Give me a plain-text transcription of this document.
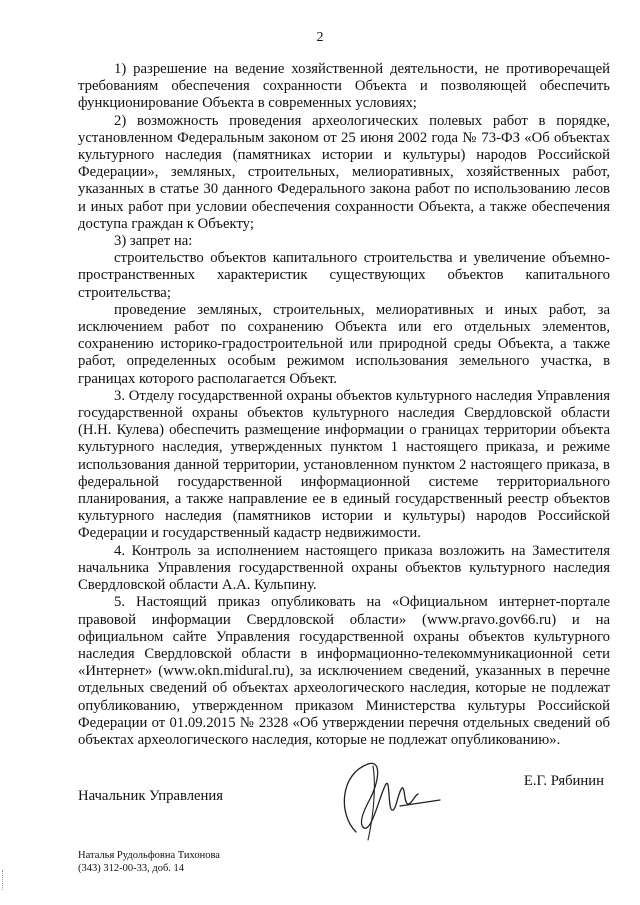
2

1) разрешение на ведение хозяйственной деятельности, не противоречащей требованиям обеспечения сохранности Объекта и позволяющей обеспечить функционирование Объекта в современных условиях;

2) возможность проведения археологических полевых работ в порядке, установленном Федеральным законом от 25 июня 2002 года № 73-ФЗ «Об объектах культурного наследия (памятниках истории и культуры) народов Российской Федерации», земляных, строительных, мелиоративных, хозяйственных работ, указанных в статье 30 данного Федерального закона работ по использованию лесов и иных работ при условии обеспечения сохранности Объекта, а также обеспечения доступа граждан к Объекту;

3) запрет на:

строительство объектов капитального строительства и увеличение объемно-пространственных характеристик существующих объектов капитального строительства;

проведение земляных, строительных, мелиоративных и иных работ, за исключением работ по сохранению Объекта или его отдельных элементов, сохранению историко-градостроительной или природной среды Объекта, а также работ, определенных особым режимом использования земельного участка, в границах которого располагается Объект.

3. Отделу государственной охраны объектов культурного наследия Управления государственной охраны объектов культурного наследия Свердловской области (Н.Н. Кулева) обеспечить размещение информации о границах территории объекта культурного наследия, утвержденных пунктом 1 настоящего приказа, и режиме использования данной территории, установленном пунктом 2 настоящего приказа, в федеральной государственной информационной системе территориального планирования, а также направление ее в единый государственный реестр объектов культурного наследия (памятников истории и культуры) народов Российской Федерации и государственный кадастр недвижимости.

4. Контроль за исполнением настоящего приказа возложить на Заместителя начальника Управления государственной охраны объектов культурного наследия Свердловской области А.А. Кульпину.

5. Настоящий приказ опубликовать на «Официальном интернет-портале правовой информации Свердловской области» (www.pravo.gov66.ru) и на официальном сайте Управления государственной охраны объектов культурного наследия Свердловской области в информационно-телекоммуникационной сети «Интернет» (www.okn.midural.ru), за исключением сведений, указанных в перечне отдельных сведений об объектах археологического наследия, которые не подлежат опубликованию, утвержденном приказом Министерства культуры Российской Федерации от 01.09.2015 № 2328 «Об утверждении перечня отдельных сведений об объектах археологического наследия, которые не подлежат опубликованию».

Начальник Управления
Е.Г. Рябинин
Наталья Рудольфовна Тихонова
(343) 312-00-33, доб. 14
